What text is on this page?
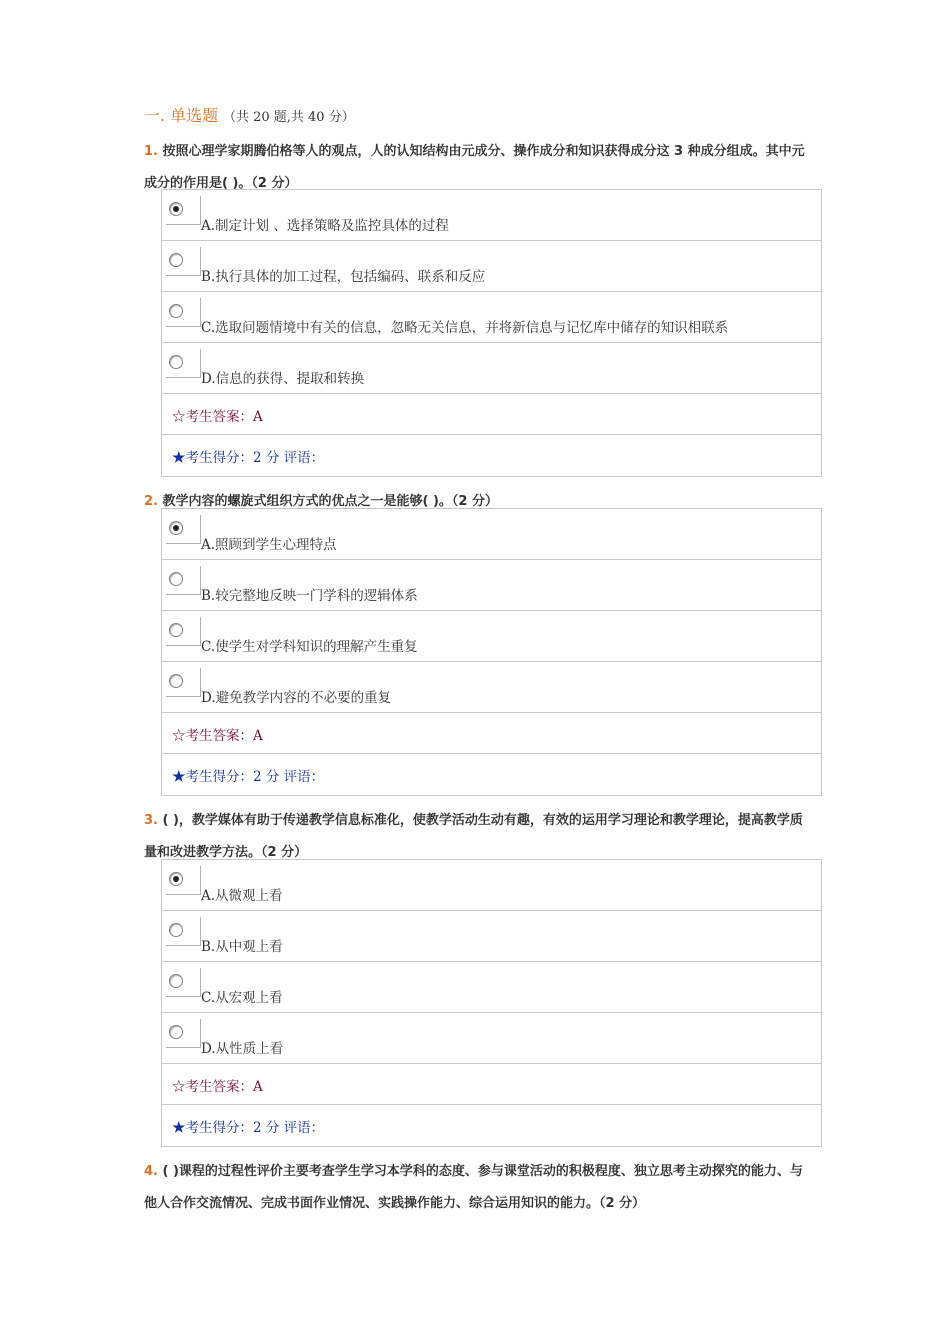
一. 单选题 （共 20 题,共 40 分）
1. 按照心理学家期腾伯格等人的观点，人的认知结构由元成分、操作成分和知识获得成分这 3 种成分组成。其中元成分的作用是( )。（2 分）
A.制定计划 、选择策略及监控具体的过程
B.执行具体的加工过程，包括编码、联系和反应
C.选取问题情境中有关的信息，忽略无关信息，并将新信息与记忆库中储存的知识相联系
D.信息的获得、提取和转换
☆考生答案：A
★考生得分：2 分 评语：
2. 教学内容的螺旋式组织方式的优点之一是能够( )。（2 分）
A.照顾到学生心理特点
B.较完整地反映一门学科的逻辑体系
C.使学生对学科知识的理解产生重复
D.避免教学内容的不必要的重复
☆考生答案：A
★考生得分：2 分 评语：
3. ( )，教学媒体有助于传递教学信息标准化，使教学活动生动有趣，有效的运用学习理论和教学理论，提高教学质量和改进教学方法。（2 分）
A.从微观上看
B.从中观上看
C.从宏观上看
D.从性质上看
☆考生答案：A
★考生得分：2 分 评语：
4. ( )课程的过程性评价主要考查学生学习本学科的态度、参与课堂活动的积极程度、独立思考主动探究的能力、与他人合作交流情况、完成书面作业情况、实践操作能力、综合运用知识的能力。（2 分）
